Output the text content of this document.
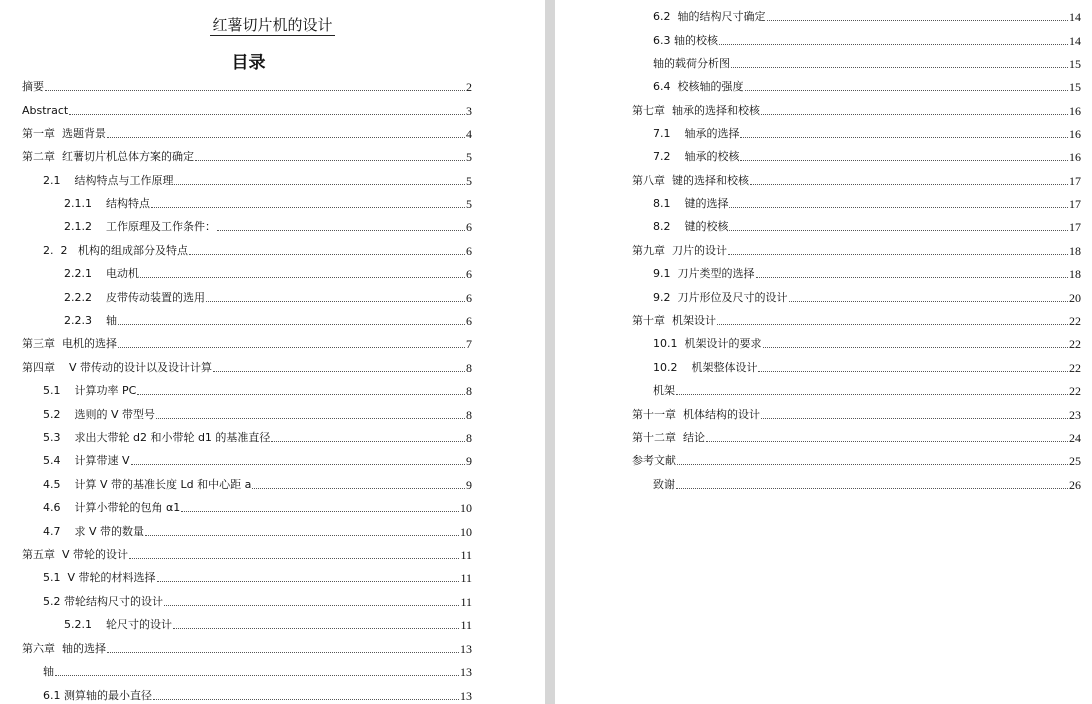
红薯切片机的设计
目录
摘要	2
Abstract	3
第一章  选题背景	4
第二章  红薯切片机总体方案的确定	5
2.1    结构特点与工作原理	5
2.1.1    结构特点	5
2.1.2    工作原理及工作条件：	6
2.  2   机构的组成部分及特点	6
2.2.1    电动机	6
2.2.2    皮带传动装置的选用	6
2.2.3    轴	6
第三章  电机的选择	7
第四章    V 带传动的设计以及设计计算	8
5.1    计算功率 PC	8
5.2    选则的 V 带型号	8
5.3    求出大带轮 d2 和小带轮 d1 的基准直径	8
5.4    计算带速 V	9
4.5    计算 V 带的基准长度 Ld 和中心距 a	9
4.6    计算小带轮的包角 α1	10
4.7    求 V 带的数量	10
第五章  V 带轮的设计	11
5.1  V 带轮的材料选择	11
5.2 带轮结构尺寸的设计	11
5.2.1    轮尺寸的设计	11
第六章  轴的选择	13
轴	13
6.1 测算轴的最小直径	13
6.2  轴的结构尺寸确定	14
6.3 轴的校核	14
轴的载荷分析图	15
6.4  校核轴的强度	15
第七章  轴承的选择和校核	16
7.1    轴承的选择	16
7.2    轴承的校核	16
第八章  键的选择和校核	17
8.1    键的选择	17
8.2    键的校核	17
第九章  刀片的设计	18
9.1  刀片类型的选择	18
9.2  刀片形位及尺寸的设计	20
第十章  机架设计	22
10.1  机架设计的要求	22
10.2    机架整体设计	22
机架	22
第十一章  机体结构的设计	23
第十二章  结论	24
参考文献	25
致谢	26
